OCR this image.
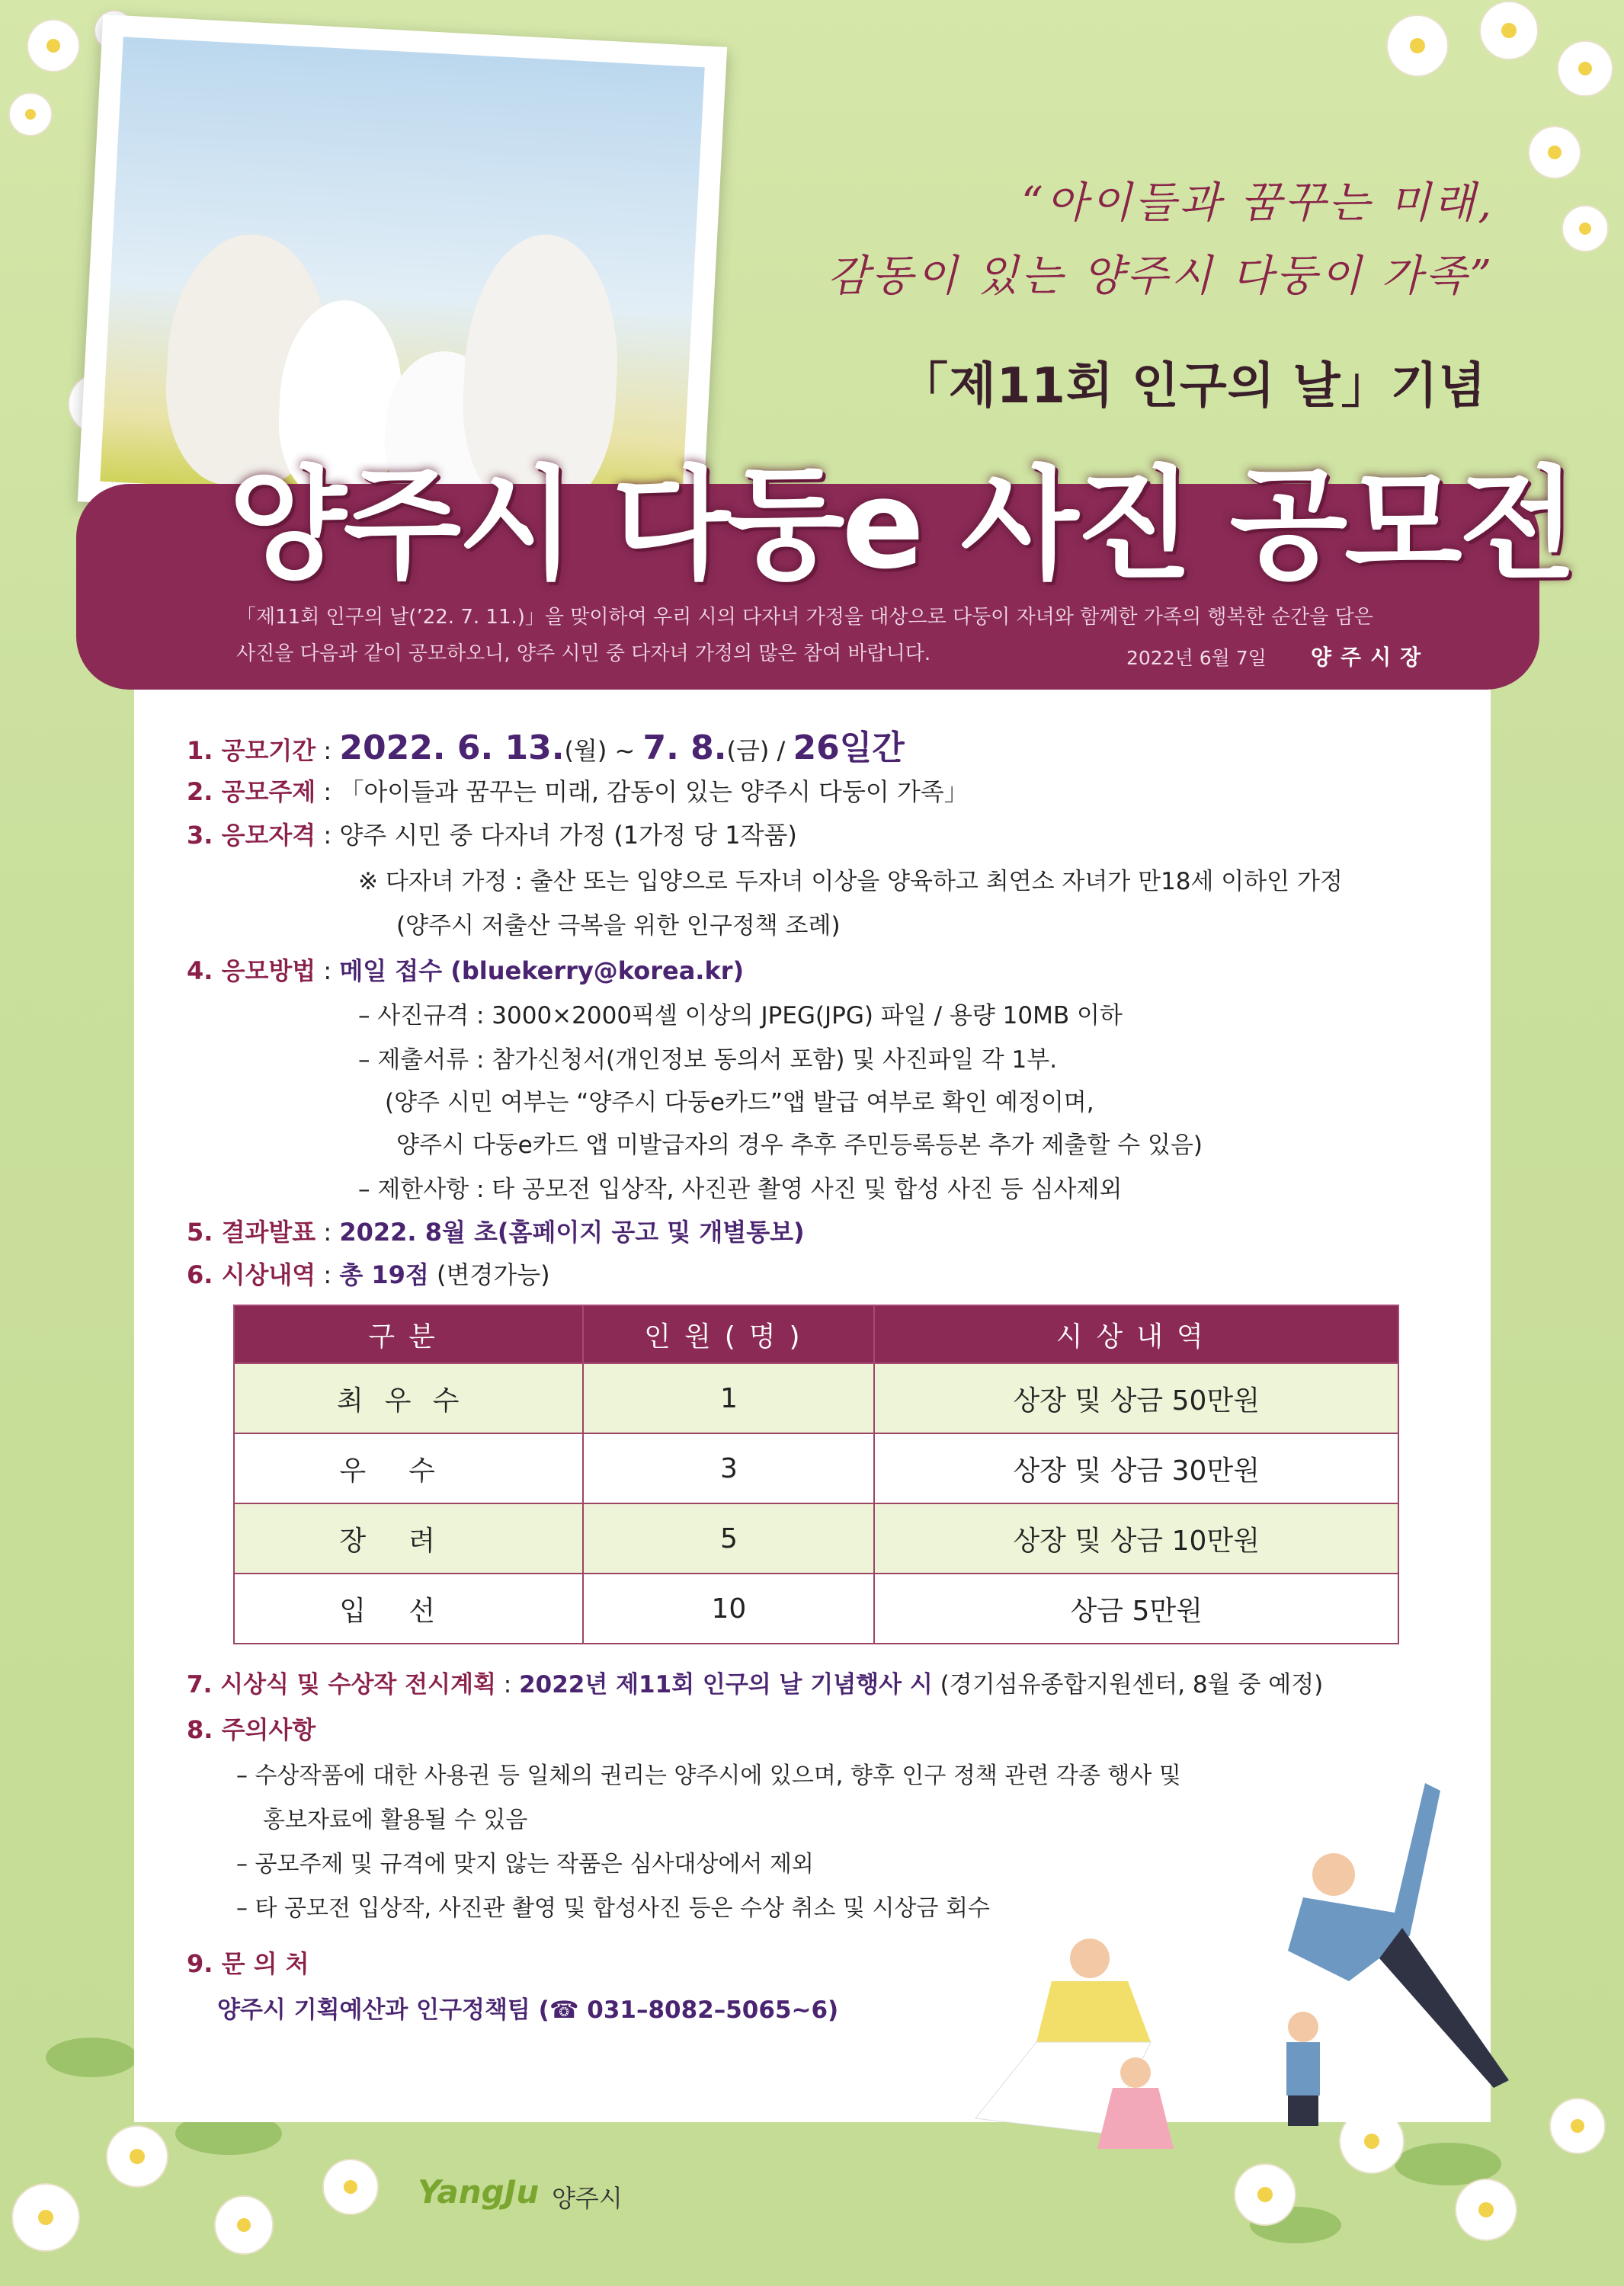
“아이들과 꿈꾸는 미래,
감동이 있는 양주시 다둥이 가족”
「제11회 인구의 날」기념
양주시 다둥e 사진 공모전
「제11회 인구의 날(’22. 7. 11.)」을 맞이하여 우리 시의 다자녀 가정을 대상으로 다둥이 자녀와 함께한 가족의 행복한 순간을 담은
사진을 다음과 같이 공모하오니, 양주 시민 중 다자녀 가정의 많은 참여 바랍니다.	2022년 6월 7일 양주시장
1. 공모기간 : 2022. 6. 13.(월) ~ 7. 8.(금) / 26일간
2. 공모주제 : 「아이들과 꿈꾸는 미래, 감동이 있는 양주시 다둥이 가족」
3. 응모자격 : 양주 시민 중 다자녀 가정 (1가정 당 1작품)
※ 다자녀 가정 : 출산 또는 입양으로 두자녀 이상을 양육하고 최연소 자녀가 만18세 이하인 가정
(양주시 저출산 극복을 위한 인구정책 조례)
4. 응모방법 : 메일 접수 (bluekerry@korea.kr)
– 사진규격 : 3000×2000픽셀 이상의 JPEG(JPG) 파일 / 용량 10MB 이하
– 제출서류 : 참가신청서(개인정보 동의서 포함) 및 사진파일 각 1부.
(양주 시민 여부는 “양주시 다둥e카드”앱 발급 여부로 확인 예정이며,
양주시 다둥e카드 앱 미발급자의 경우 추후 주민등록등본 추가 제출할 수 있음)
– 제한사항 : 타 공모전 입상작, 사진관 촬영 사진 및 합성 사진 등 심사제외
5. 결과발표 : 2022. 8월 초(홈페이지 공고 및 개별통보)
6. 시상내역 : 총 19점 (변경가능)
구분	인원(명)	시상내역
최우수	1	상장 및 상금 50만원
우수	3	상장 및 상금 30만원
장려	5	상장 및 상금 10만원
입선	10	상금 5만원
7. 시상식 및 수상작 전시계획 : 2022년 제11회 인구의 날 기념행사 시 (경기섬유종합지원센터, 8월 중 예정)
8. 주의사항
– 수상작품에 대한 사용권 등 일체의 권리는 양주시에 있으며, 향후 인구 정책 관련 각종 행사 및
홍보자료에 활용될 수 있음
– 공모주제 및 규격에 맞지 않는 작품은 심사대상에서 제외
– 타 공모전 입상작, 사진관 촬영 및 합성사진 등은 수상 취소 및 시상금 회수
9. 문 의 처
양주시 기획예산과 인구정책팀 (☎ 031–8082–5065~6)
YangJu 양주시
